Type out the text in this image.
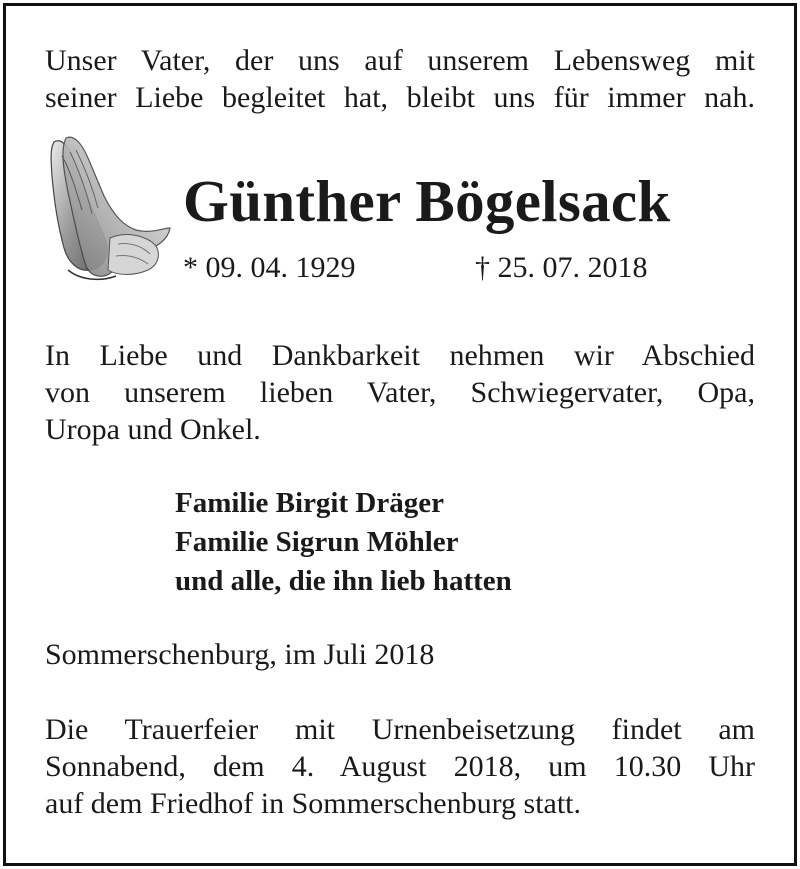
Unser Vater, der uns auf unserem Lebensweg mit
seiner Liebe begleitet hat, bleibt uns für immer nah.
Günther Bögelsack
* 09. 04. 1929	† 25. 07. 2018
In Liebe und Dankbarkeit nehmen wir Abschied
von unserem lieben Vater, Schwiegervater, Opa,
Uropa und Onkel.
Familie Birgit Dräger
Familie Sigrun Möhler
und alle, die ihn lieb hatten
Sommerschenburg, im Juli 2018
Die Trauerfeier mit Urnenbeisetzung findet am
Sonnabend, dem 4. August 2018, um 10.30 Uhr
auf dem Friedhof in Sommerschenburg statt.
